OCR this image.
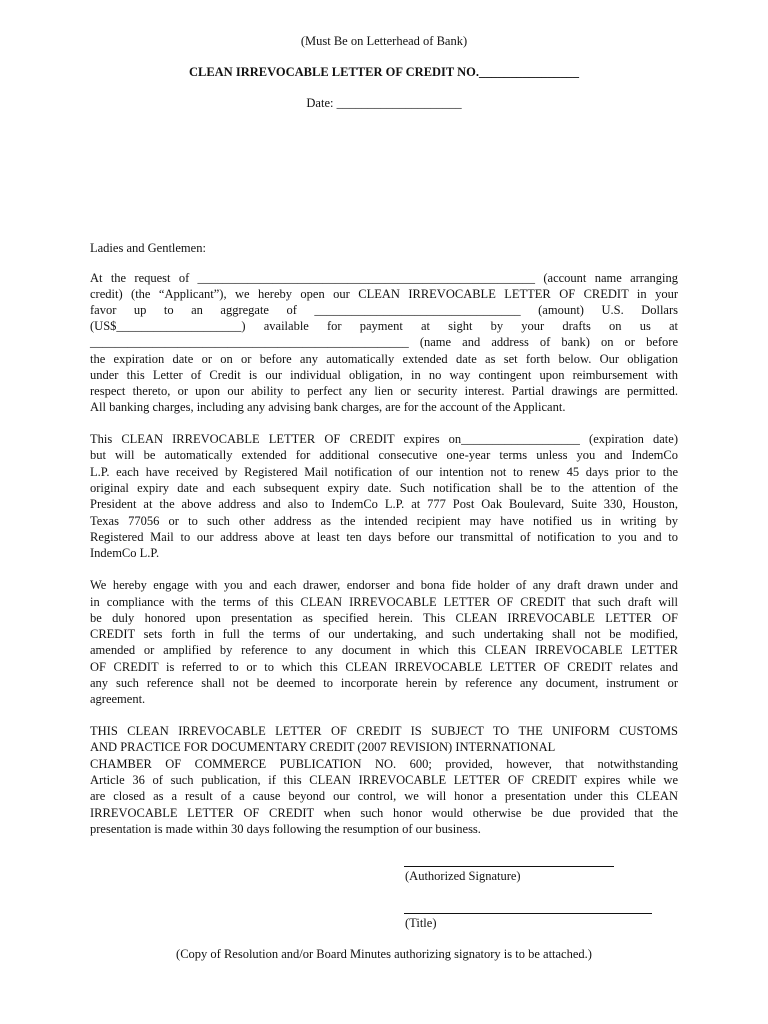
(Must Be on Letterhead of Bank)
CLEAN IRREVOCABLE LETTER OF CREDIT NO.________________
Date: ____________________
Ladies and Gentlemen:
At the request of ______________________________________________________ (account name arranging
credit) (the “Applicant”), we hereby open our CLEAN IRREVOCABLE LETTER OF CREDIT in your
favor up to an aggregate of _________________________________ (amount) U.S. Dollars
(US$____________________) available for payment at sight by your drafts on us at
___________________________________________________ (name and address of bank) on or before
the expiration date or on or before any automatically extended date as set forth below. Our obligation
under this Letter of Credit is our individual obligation, in no way contingent upon reimbursement with
respect thereto, or upon our ability to perfect any lien or security interest. Partial drawings are permitted.
All banking charges, including any advising bank charges, are for the account of the Applicant.
This CLEAN IRREVOCABLE LETTER OF CREDIT expires on___________________ (expiration date)
but will be automatically extended for additional consecutive one-year terms unless you and IndemCo
L.P. each have received by Registered Mail notification of our intention not to renew 45 days prior to the
original expiry date and each subsequent expiry date. Such notification shall be to the attention of the
President at the above address and also to IndemCo L.P. at 777 Post Oak Boulevard, Suite 330, Houston,
Texas 77056 or to such other address as the intended recipient may have notified us in writing by
Registered Mail to our address above at least ten days before our transmittal of notification to you and to
IndemCo L.P.
We hereby engage with you and each drawer, endorser and bona fide holder of any draft drawn under and
in compliance with the terms of this CLEAN IRREVOCABLE LETTER OF CREDIT that such draft will
be duly honored upon presentation as specified herein. This CLEAN IRREVOCABLE LETTER OF
CREDIT sets forth in full the terms of our undertaking, and such undertaking shall not be modified,
amended or amplified by reference to any document in which this CLEAN IRREVOCABLE LETTER
OF CREDIT is referred to or to which this CLEAN IRREVOCABLE LETTER OF CREDIT relates and
any such reference shall not be deemed to incorporate herein by reference any document, instrument or
agreement.
THIS CLEAN IRREVOCABLE LETTER OF CREDIT IS SUBJECT TO THE UNIFORM CUSTOMS
AND PRACTICE FOR DOCUMENTARY CREDIT (2007 REVISION) INTERNATIONAL
CHAMBER OF COMMERCE PUBLICATION NO. 600; provided, however, that notwithstanding
Article 36 of such publication, if this CLEAN IRREVOCABLE LETTER OF CREDIT expires while we
are closed as a result of a cause beyond our control, we will honor a presentation under this CLEAN
IRREVOCABLE LETTER OF CREDIT when such honor would otherwise be due provided that the
presentation is made within 30 days following the resumption of our business.
(Authorized Signature)
(Title)
(Copy of Resolution and/or Board Minutes authorizing signatory is to be attached.)
